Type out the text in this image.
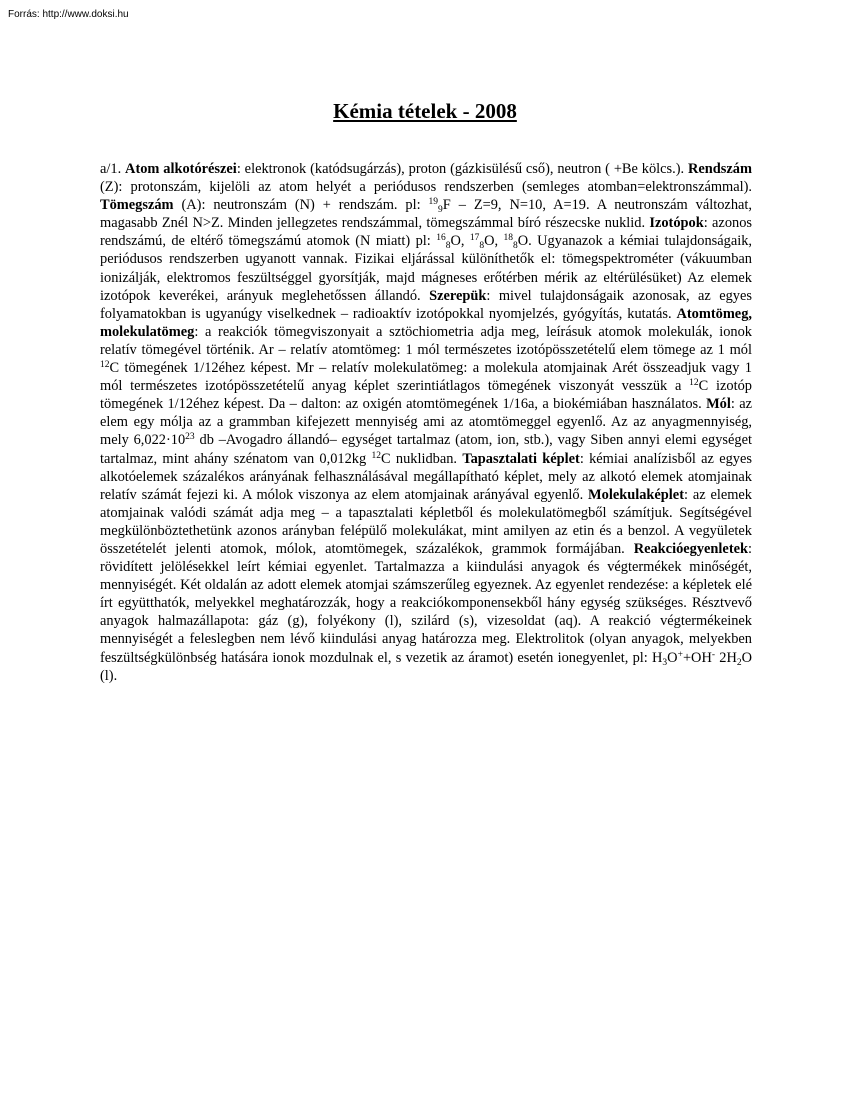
Forrás: http://www.doksi.hu
Kémia tételek - 2008

a/1. Atom alkotórészei: elektronok (katódsugárzás), proton (gázkisülésű cső), neutron ( +Be kölcs.). Rendszám (Z): protonszám, kijelöli az atom helyét a periódusos rendszerben (semleges atomban=elektronszámmal). Tömegszám (A): neutronszám (N) + rendszám. pl: $^{19}_9$F – Z=9, N=10, A=19. A neutronszám változhat, magasabb Znél N>Z. Minden jellegzetes rendszámmal, tömegszámmal bíró részecske nuklid. Izotópok: azonos rendszámú, de eltérő tömegszámú atomok (N miatt) pl: $^{16}_8$O, $^{17}_8$O, $^{18}_8$O. Ugyanazok a kémiai tulajdonságaik, periódusos rendszerben ugyanott vannak. Fizikai eljárással különíthetők el: tömegspektrométer (vákuumban ionizálják, elektromos feszültséggel gyorsítják, majd mágneses erőtérben mérik az eltérülésüket) Az elemek izotópok keverékei, arányuk meglehetőssen állandó. Szerepük: mivel tulajdonságaik azonosak, az egyes folyamatokban is ugyanúgy viselkednek – radioaktív izotópokkal nyomjelzés, gyógyítás, kutatás. Atomtömeg, molekulatömeg: a reakciók tömegviszonyait a sztöchiometria adja meg, leírásuk atomok molekulák, ionok relatív tömegével történik. Ar – relatív atomtömeg: 1 mól természetes izotópösszetételű elem tömege az 1 mól $^{12}$C tömegének 1/12éhez képest. Mr – relatív molekulatömeg: a molekula atomjainak Arét összeadjuk vagy 1 mól természetes izotópösszetételű anyag képlet szerintiátlagos tömegének viszonyát vesszük a $^{12}$C izotóp tömegének 1/12éhez képest. Da – dalton: az oxigén atomtömegének 1/16a, a biokémiában használatos. Mól: az elem egy mólja az a grammban kifejezett mennyiség ami az atomtömeggel egyenlő. Az az anyagmennyiség, mely $6,022\cdot 10^{23}$ db –Avogadro állandó– egységet tartalmaz (atom, ion, stb.), vagy Siben annyi elemi egységet tartalmaz, mint ahány szénatom van 0,012kg $^{12}$C nuklidban. Tapasztalati képlet: kémiai analízisből az egyes alkotóelemek százalékos arányának felhasználásával megállapítható képlet, mely az alkotó elemek atomjainak relatív számát fejezi ki. A mólok viszonya az elem atomjainak arányával egyenlő. Molekulaképlet: az elemek atomjainak valódi számát adja meg – a tapasztalati képletből és molekulatömegből számítjuk. Segítségével megkülönböztethetünk azonos arányban felépülő molekulákat, mint amilyen az etin és a benzol. A vegyületek összetételét jelenti atomok, mólok, atomtömegek, százalékok, grammok formájában. Reakcióegyenletek: rövidített jelölésekkel leírt kémiai egyenlet. Tartalmazza a kiindulási anyagok és végtermékek minőségét, mennyiségét. Két oldalán az adott elemek atomjai számszerűleg egyeznek. Az egyenlet rendezése: a képletek elé írt együtthatók, melyekkel meghatározzák, hogy a reakciókomponensekből hány egység szükséges. Résztvevő anyagok halmazállapota: gáz (g), folyékony (l), szilárd (s), vizesoldat (aq). A reakció végtermékeinek mennyiségét a feleslegben nem lévő kiindulási anyag határozza meg. Elektrolitok (olyan anyagok, melyekben feszültségkülönbség hatására ionok mozdulnak el, s vezetik az áramot) esetén ionegyenlet, pl: $H_3O^++OH^-$ $2H_2O$ (l).
